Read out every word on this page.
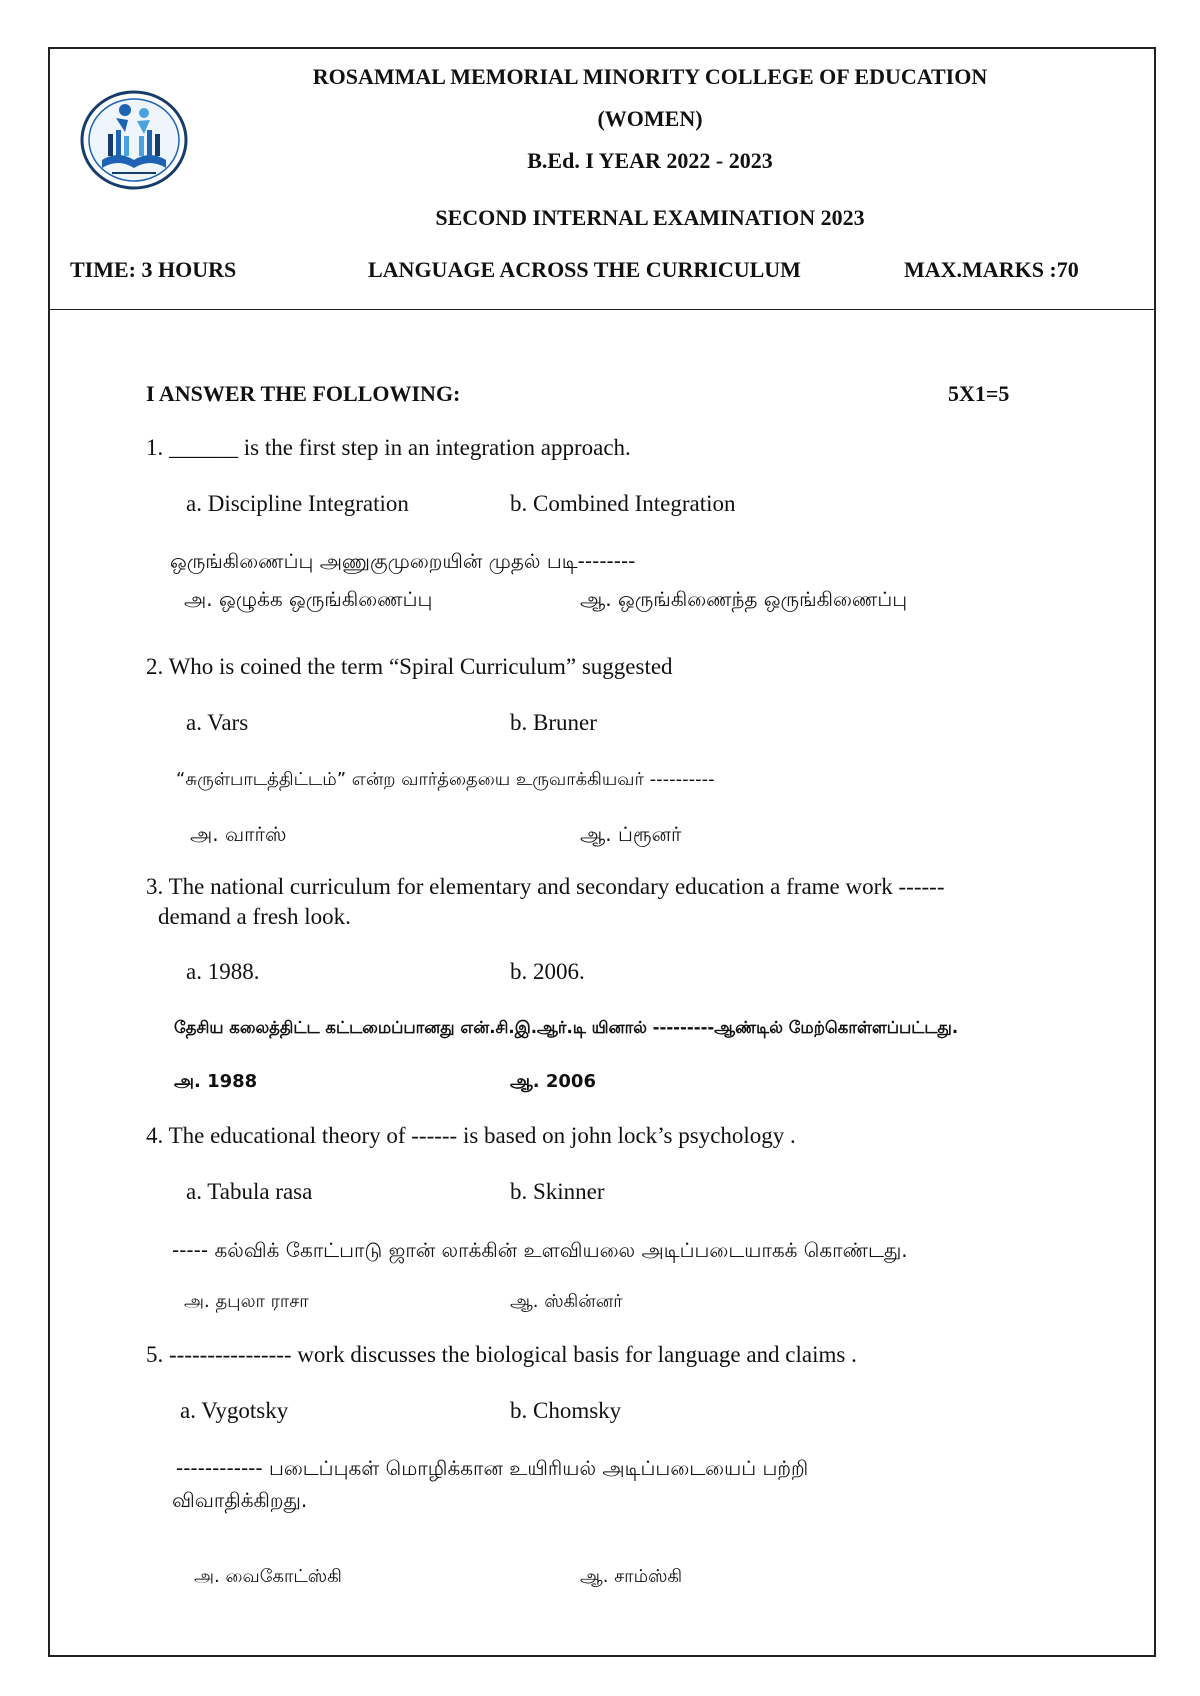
ROSAMMAL MEMORIAL MINORITY COLLEGE OF EDUCATION
(WOMEN)
B.Ed. I YEAR 2022 - 2023
SECOND INTERNAL EXAMINATION 2023
TIME: 3 HOURS	LANGUAGE ACROSS THE CURRICULUM	MAX.MARKS :70
I ANSWER THE FOLLOWING:	5X1=5
1. ______ is the first step in an integration approach.
a. Discipline Integration	b. Combined Integration
ஒருங்கிணைப்பு அணுகுமுறையின் முதல் படி--------
அ. ஒழுக்க ஒருங்கிணைப்பு	ஆ. ஒருங்கிணைந்த ஒருங்கிணைப்பு
2. Who is coined the term “Spiral Curriculum” suggested
a. Vars	b. Bruner
“சுருள்பாடத்திட்டம்” என்ற வார்த்தையை உருவாக்கியவர் ----------
அ. வார்ஸ்	ஆ. ப்ரூனர்
3. The national curriculum for elementary and secondary education a frame work ------
demand a fresh look.
a. 1988.	b. 2006.
தேசிய கலைத்திட்ட கட்டமைப்பானது என்.சி.இ.ஆர்.டி யினால் ---------ஆண்டில் மேற்கொள்ளப்பட்டது.
அ. 1988	ஆ. 2006
4. The educational theory of ------ is based on john lock’s psychology .
a. Tabula rasa	b. Skinner
----- கல்விக் கோட்பாடு ஜான் லாக்கின் உளவியலை அடிப்படையாகக் கொண்டது.
அ. தபுலா ராசா	ஆ. ஸ்கின்னர்
5. ---------------- work discusses the biological basis for language and claims .
a. Vygotsky	b. Chomsky
------------ படைப்புகள் மொழிக்கான உயிரியல் அடிப்படையைப் பற்றி
விவாதிக்கிறது.
அ. வைகோட்ஸ்கி	ஆ. சாம்ஸ்கி
